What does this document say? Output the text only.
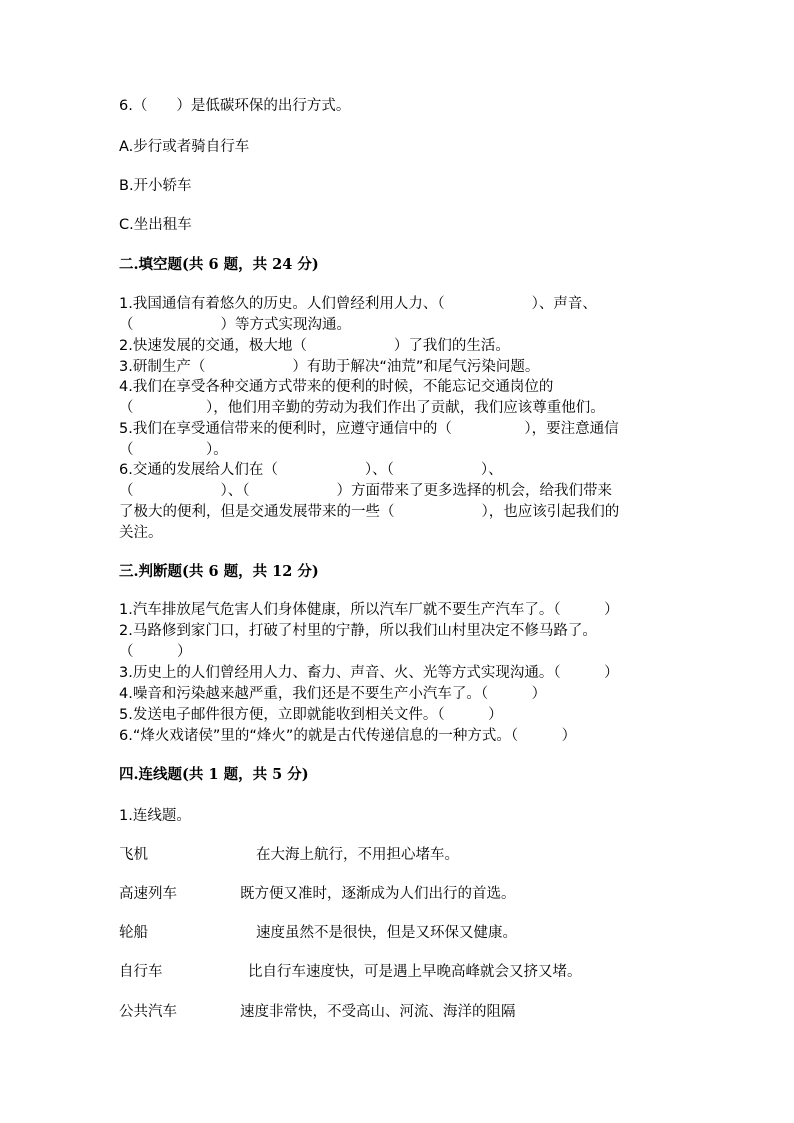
6.（　　）是低碳环保的出行方式。
A.步行或者骑自行车
B.开小轿车
C.坐出租车
二.填空题(共 6 题，共 24 分)
1.我国通信有着悠久的历史。人们曾经利用人力、（　　　　　　）、声音、
（　　　　　　）等方式实现沟通。
2.快速发展的交通，极大地（　　　　　　）了我们的生活。
3.研制生产（　　　　　　）有助于解决“油荒”和尾气污染问题。
4.我们在享受各种交通方式带来的便利的时候，不能忘记交通岗位的
（　　　　　），他们用辛勤的劳动为我们作出了贡献，我们应该尊重他们。
5.我们在享受通信带来的便利时，应遵守通信中的（　　　　　），要注意通信
（　　　　　）。
6.交通的发展给人们在（　　　　　　）、（　　　　　　）、
（　　　　　　）、（　　　　　　）方面带来了更多选择的机会，给我们带来
了极大的便利，但是交通发展带来的一些（　　　　　　），也应该引起我们的
关注。
三.判断题(共 6 题，共 12 分)
1.汽车排放尾气危害人们身体健康，所以汽车厂就不要生产汽车了。（　　　）
2.马路修到家门口，打破了村里的宁静，所以我们山村里决定不修马路了。
（　　　）
3.历史上的人们曾经用人力、畜力、声音、火、光等方式实现沟通。（　　　）
4.噪音和污染越来越严重，我们还是不要生产小汽车了。（　　　）
5.发送电子邮件很方便，立即就能收到相关文件。（　　　）
6.“烽火戏诸侯”里的“烽火”的就是古代传递信息的一种方式。（　　　）
四.连线题(共 1 题，共 5 分)
1.连线题。
飞机	在大海上航行，不用担心堵车。
高速列车	既方便又准时，逐渐成为人们出行的首选。
轮船	速度虽然不是很快，但是又环保又健康。
自行车	比自行车速度快，可是遇上早晚高峰就会又挤又堵。
公共汽车	速度非常快，不受高山、河流、海洋的阻隔
